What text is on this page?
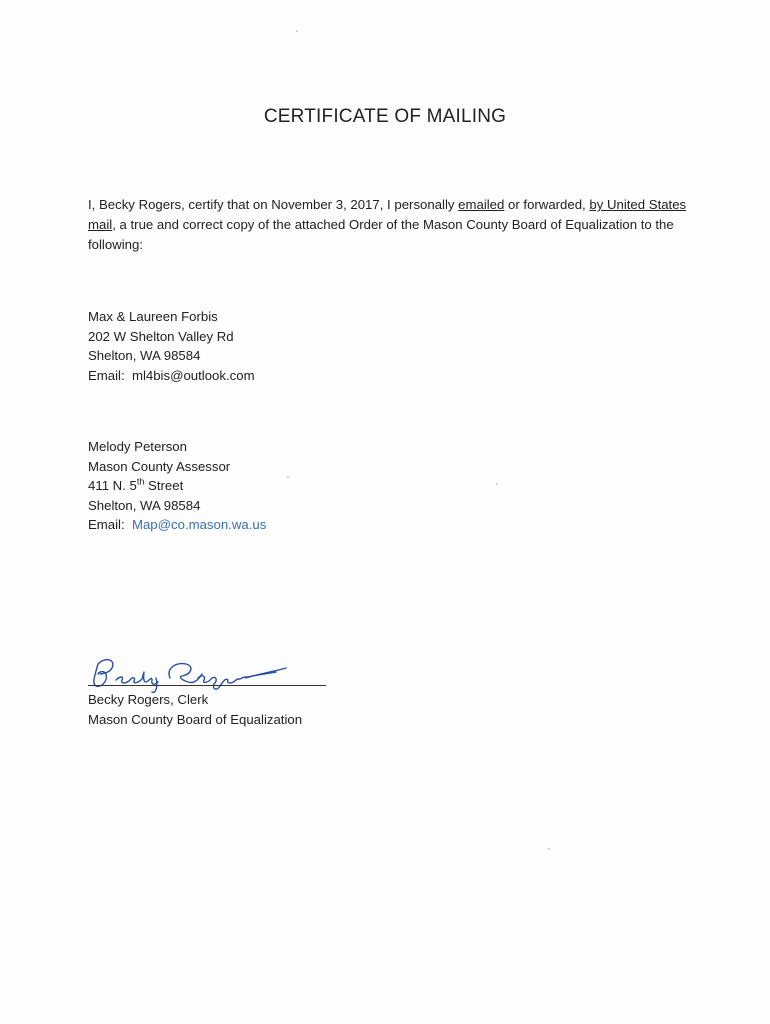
CERTIFICATE OF MAILING
I, Becky Rogers, certify that on November 3, 2017, I personally emailed or forwarded, by United States mail, a true and correct copy of the attached Order of the Mason County Board of Equalization to the following:
Max & Laureen Forbis
202 W Shelton Valley Rd
Shelton, WA 98584
Email: ml4bis@outlook.com
Melody Peterson
Mason County Assessor
411 N. 5th Street
Shelton, WA 98584
Email: Map@co.mason.wa.us
Becky Rogers, Clerk
Mason County Board of Equalization
